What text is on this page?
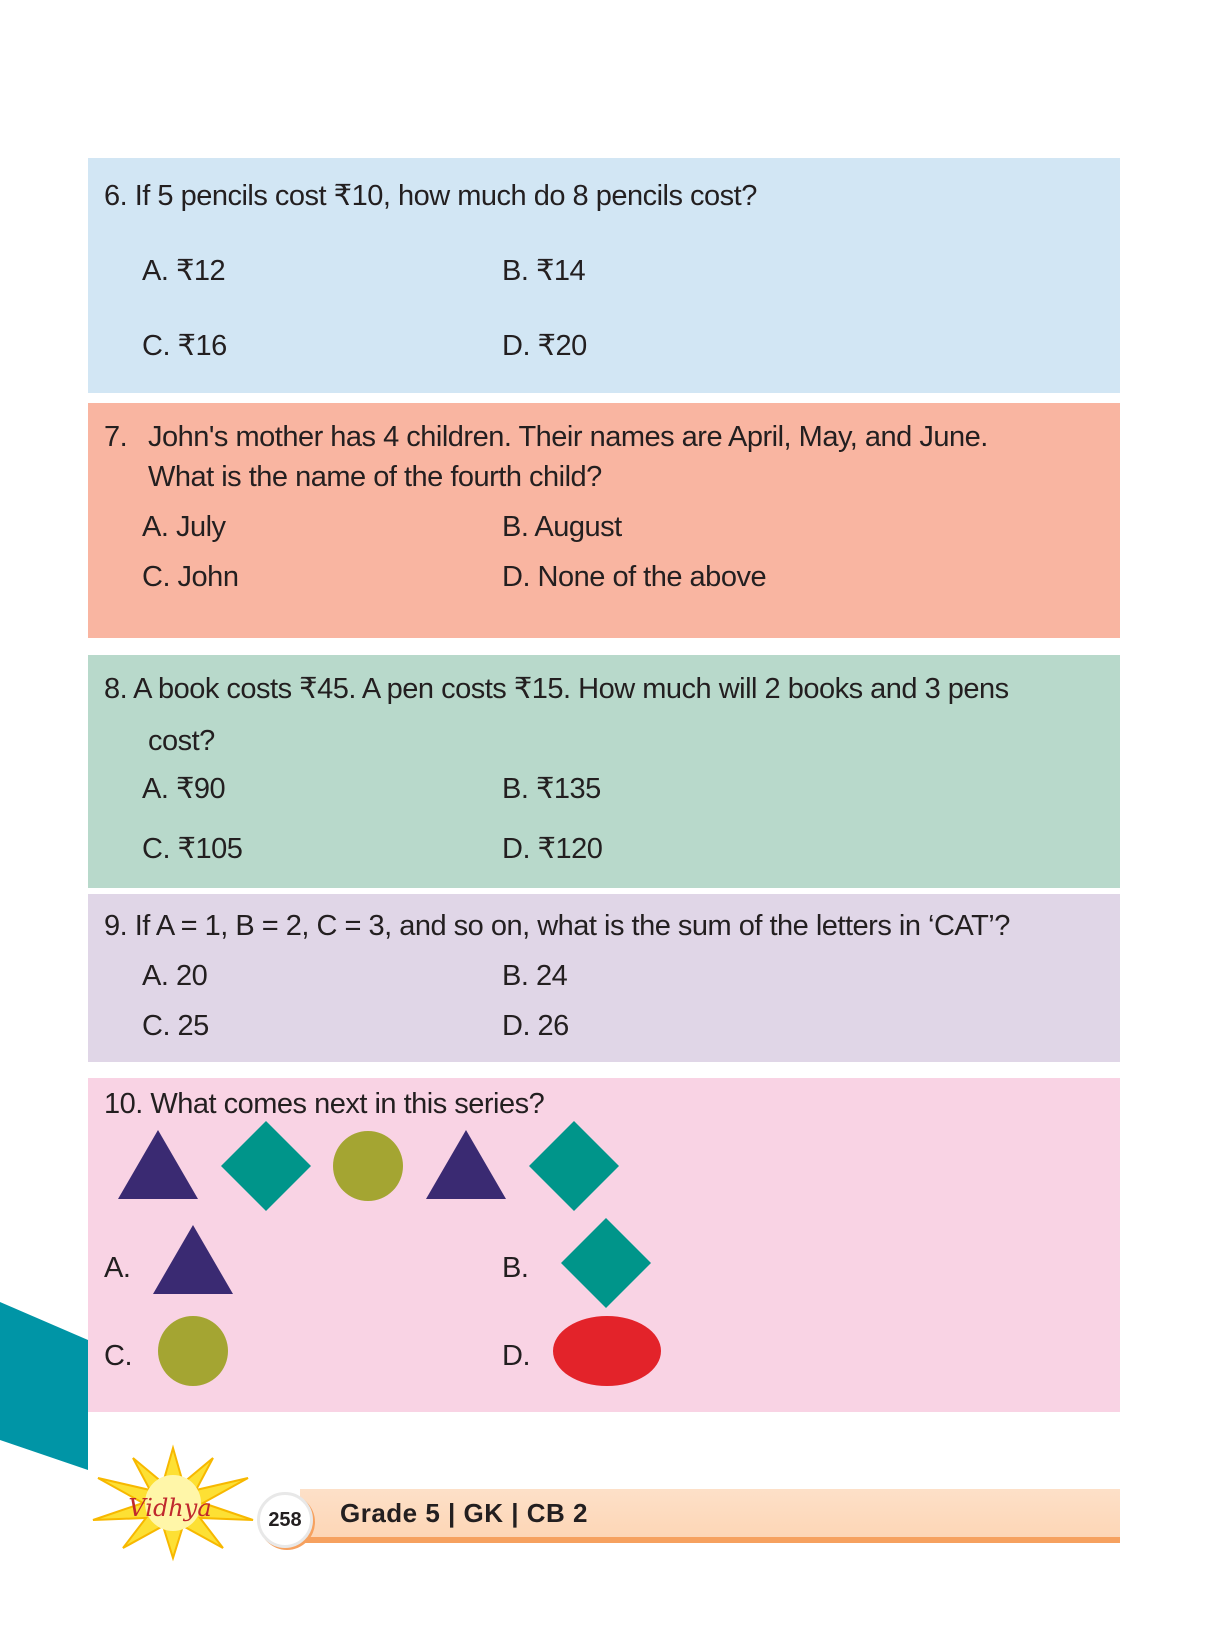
6. If 5 pencils cost ₹10, how much do 8 pencils cost?
A. ₹12	B. ₹14
C. ₹16	D. ₹20
7. John's mother has 4 children. Their names are April, May, and June.
What is the name of the fourth child?
A. July	B. August
C. John	D. None of the above
8. A book costs ₹45. A pen costs ₹15. How much will 2 books and 3 pens
cost?
A. ₹90	B. ₹135
C. ₹105	D. ₹120
9. If A = 1, B = 2, C = 3, and so on, what is the sum of the letters in ‘CAT’?
A. 20	B. 24
C. 25	D. 26
10. What comes next in this series?
A.	B.
C.	D.
Vidhya	258	Grade 5 | GK | CB 2
